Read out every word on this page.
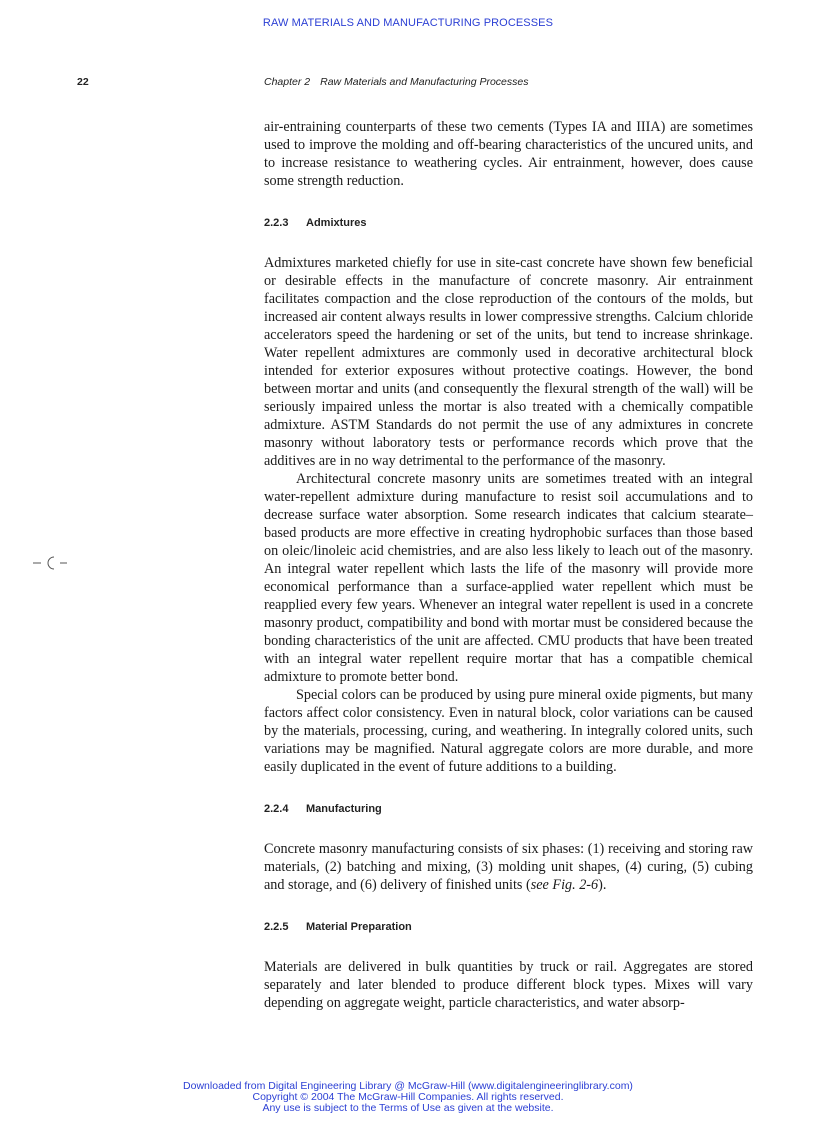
RAW MATERIALS AND MANUFACTURING PROCESSES
22	Chapter 2 Raw Materials and Manufacturing Processes

air-entraining counterparts of these two cements (Types IA and IIIA) are sometimes used to improve the molding and off-bearing characteristics of the uncured units, and to increase resistance to weathering cycles. Air entrainment, however, does cause some strength reduction.

2.2.3 Admixtures

Admixtures marketed chiefly for use in site-cast concrete have shown few beneficial or desirable effects in the manufacture of concrete masonry. Air entrainment facilitates compaction and the close reproduction of the contours of the molds, but increased air content always results in lower compressive strengths. Calcium chloride accelerators speed the hardening or set of the units, but tend to increase shrinkage. Water repellent admixtures are commonly used in decorative architectural block intended for exterior exposures without protective coatings. However, the bond between mortar and units (and consequently the flexural strength of the wall) will be seriously impaired unless the mortar is also treated with a chemically compatible admixture. ASTM Standards do not permit the use of any admixtures in concrete masonry without laboratory tests or performance records which prove that the additives are in no way detrimental to the performance of the masonry.

Architectural concrete masonry units are sometimes treated with an integral water-repellent admixture during manufacture to resist soil accumulations and to decrease surface water absorption. Some research indicates that calcium stearate–based products are more effective in creating hydrophobic surfaces than those based on oleic/linoleic acid chemistries, and are also less likely to leach out of the masonry. An integral water repellent which lasts the life of the masonry will provide more economical performance than a surface-applied water repellent which must be reapplied every few years. Whenever an integral water repellent is used in a concrete masonry product, compatibility and bond with mortar must be considered because the bonding characteristics of the unit are affected. CMU products that have been treated with an integral water repellent require mortar that has a compatible chemical admixture to promote better bond.

Special colors can be produced by using pure mineral oxide pigments, but many factors affect color consistency. Even in natural block, color variations can be caused by the materials, processing, curing, and weathering. In integrally colored units, such variations may be magnified. Natural aggregate colors are more durable, and more easily duplicated in the event of future additions to a building.

2.2.4 Manufacturing

Concrete masonry manufacturing consists of six phases: (1) receiving and storing raw materials, (2) batching and mixing, (3) molding unit shapes, (4) curing, (5) cubing and storage, and (6) delivery of finished units (see Fig. 2-6).

2.2.5 Material Preparation

Materials are delivered in bulk quantities by truck or rail. Aggregates are stored separately and later blended to produce different block types. Mixes will vary depending on aggregate weight, particle characteristics, and water absorp-

Downloaded from Digital Engineering Library @ McGraw-Hill (www.digitalengineeringlibrary.com)
Copyright © 2004 The McGraw-Hill Companies. All rights reserved.
Any use is subject to the Terms of Use as given at the website.
